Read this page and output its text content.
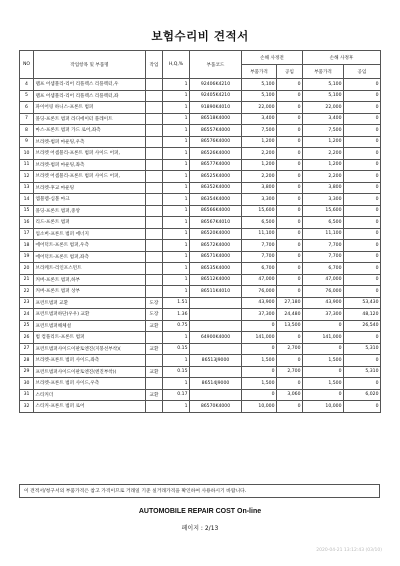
보험수리비 견적서
NO	작업항목 및 부품명	작업	H,Q,%	부품코드	손해 사정전		손해 사정후	
					부품가격	공임	부품가격	공임
4	램프 어셈블리-리어 리플렉스 리플렉터,우		1	92406K4210	5,100	0	5,100	0
5	램프 어셈블리-리어 리플렉스 리플렉터,좌		1	92405K4210	5,100	0	5,100	0
6	파이어링 하니스-프론트 범퍼		1	91890K4010	22,000	0	22,000	0
7	몰딩-프론트 범퍼 라디에이터 플레이트		1	86518K4000	3,400	0	3,400	0
8	마스-프론트 범퍼 가드 로어,좌측		1	86557K4000	7,500	0	7,500	0
9	브라켓-범퍼 마운팅,우측		1	86576K4000	1,200	0	1,200	0
10	브라켓 어셈블리-프론트 범퍼 사이드 어퍼,		1	86526K4000	2,200	0	2,200	0
11	브라켓-범퍼 마운팅,좌측		1	86577K4000	1,200	0	1,200	0
12	브라켓 어셈블리-프론트 범퍼 사이드 어퍼,		1	86525K4000	2,200	0	2,200	0
13	브라켓-후교 마운팅		1	86352K4000	3,800	0	3,800	0
14	엠블렘-심볼 마크		1	86354K4000	3,300	0	3,300	0
15	몰딩-프론트 범퍼,중앙		1	86566K4000	15,600	0	15,600	0
16	리드-프론트 범퍼		1	86567K4010	6,500	0	6,500	0
17	업소버-프론트 범퍼 에너지		1	86520K4000	11,100	0	11,100	0
18	에어덕트-프론트 범퍼,우측		1	86572K4000	7,700	0	7,700	0
19	에어덕트-프론트 범퍼,좌측		1	86571K4000	7,700	0	7,700	0
20	브라케트-리인포스먼트		1	86535K4000	6,700	0	6,700	0
21	커버-프론트 범퍼,하부		1	86512K4000	47,000	0	47,000	0
22	커버-프론트 범퍼 상부		1	86511K4010	76,000	0	76,000	0
23	프런트범퍼 교환	도장	1.51		43,900	27,180	43,900	53,430
24	프런트범퍼하단(우우) 교환	도장	1.36		37,300	24,480	37,300	48,120
25	프런트범퍼해체설	교환	0.75		0	13,500	0	26,540
26	범 컴플리트-프론트 범퍼		1	64900K4000	141,000	0	141,000	0
27	프런트범퍼사이드이판토엔진(지붕선부착)(	교환	0.15		0	2,700	0	5,310
28	브라켓-프론트 범퍼 사이드,좌측		1	86513J9000	1,500	0	1,500	0
29	프런트범퍼사이드이판토엔진(엔진부착)(	교환	0.15		0	2,700	0	5,310
30	브라켓-프론트 범퍼 사이드,우측		1	86514J9000	1,500	0	1,500	0
31	스티커더	교환	0.17		0	3,060	0	6,020
32	스티커-프론트 범퍼 로어		1	86570K4000	10,000	0	10,000	0
이 견적서/청구서의 부품가격은 참고 가격이므로 거래일 기준 실거래가격을 확인하여 사용하시기 바랍니다.
AUTOMOBILE REPAIR COST On-line
페이지 : 2/13
2020-04-21 13:12:43 (03/10)
